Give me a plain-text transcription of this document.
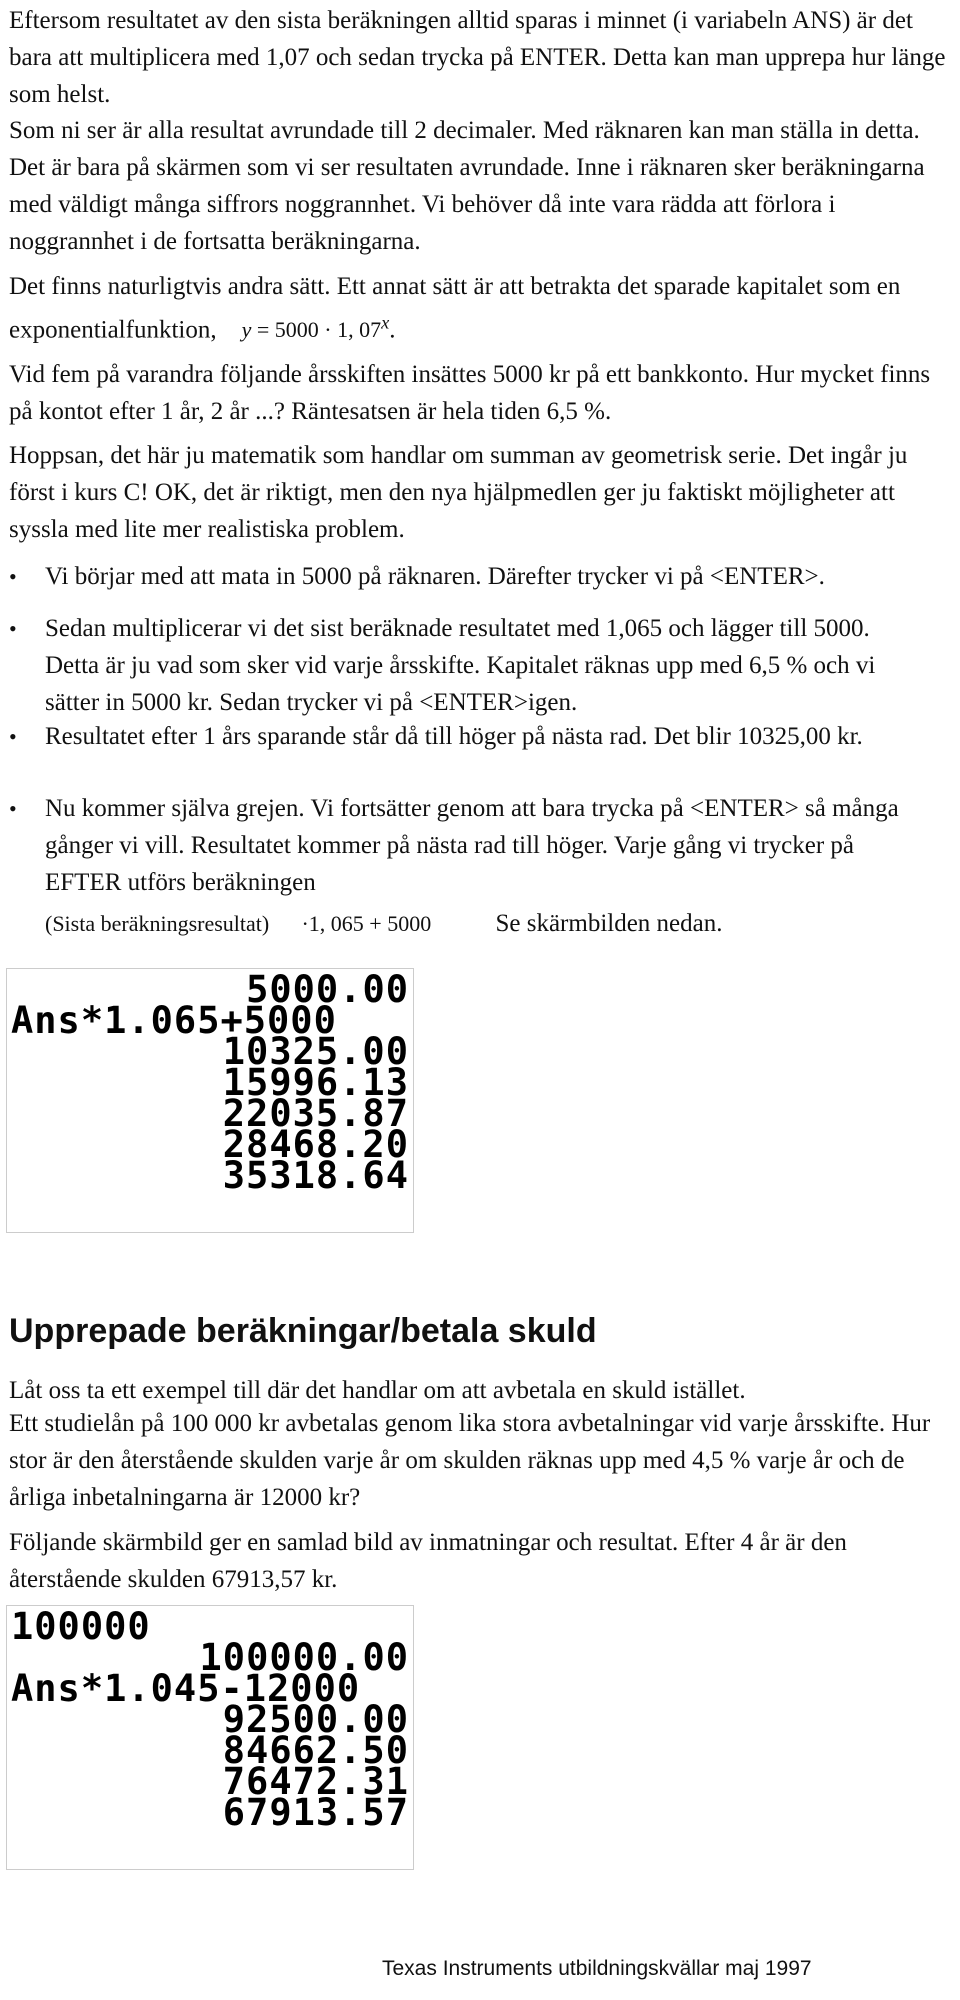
Eftersom resultatet av den sista beräkningen alltid sparas i minnet (i variabeln ANS) är det bara att multiplicera med 1,07 och sedan trycka på ENTER. Detta kan man upprepa hur länge som helst.

Som ni ser är alla resultat avrundade till 2 decimaler. Med räknaren kan man ställa in detta. Det är bara på skärmen som vi ser resultaten avrundade. Inne i räknaren sker beräkningarna med väldigt många siffrors noggrannhet. Vi behöver då inte vara rädda att förlora i noggrannhet i de fortsatta beräkningarna.

Det finns naturligtvis andra sätt. Ett annat sätt är att betrakta det sparade kapitalet som en exponentialfunktion, y = 5000 · 1, 07$^x$.

Vid fem på varandra följande årsskiften insättes 5000 kr på ett bankkonto. Hur mycket finns på kontot efter 1 år, 2 år ...? Räntesatsen är hela tiden 6,5 %.

Hoppsan, det här ju matematik som handlar om summan av geometrisk serie. Det ingår ju först i kurs C! OK, det är riktigt, men den nya hjälpmedlen ger ju faktiskt möjligheter att syssla med lite mer realistiska problem.

•	Vi börjar med att mata in 5000 på räknaren. Därefter trycker vi på <ENTER>.
•	Sedan multiplicerar vi det sist beräknade resultatet med 1,065 och lägger till 5000. Detta är ju vad som sker vid varje årsskifte. Kapitalet räknas upp med 6,5 % och vi sätter in 5000 kr. Sedan trycker vi på <ENTER>igen.
•	Resultatet efter 1 års sparande står då till höger på nästa rad. Det blir 10325,00 kr.
•	Nu kommer själva grejen. Vi fortsätter genom att bara trycka på <ENTER> så många gånger vi vill. Resultatet kommer på nästa rad till höger. Varje gång vi trycker på EFTER utförs beräkningen
(Sista beräkningsresultat) ·1, 065 + 5000	Se skärmbilden nedan.
5000.00
Ans*1.065+5000
10325.00
15996.13
22035.87
28468.20
35318.64
Upprepade beräkningar/betala skuld

Låt oss ta ett exempel till där det handlar om att avbetala en skuld istället.

Ett studielån på 100 000 kr avbetalas genom lika stora avbetalningar vid varje årsskifte. Hur stor är den återstående skulden varje år om skulden räknas upp med 4,5 % varje år och de årliga inbetalningarna är 12000 kr?

Följande skärmbild ger en samlad bild av inmatningar och resultat. Efter 4 år är den återstående skulden 67913,57 kr.

100000
100000.00
Ans*1.045-12000
92500.00
84662.50
76472.31
67913.57
Texas Instruments utbildningskvällar maj 1997
